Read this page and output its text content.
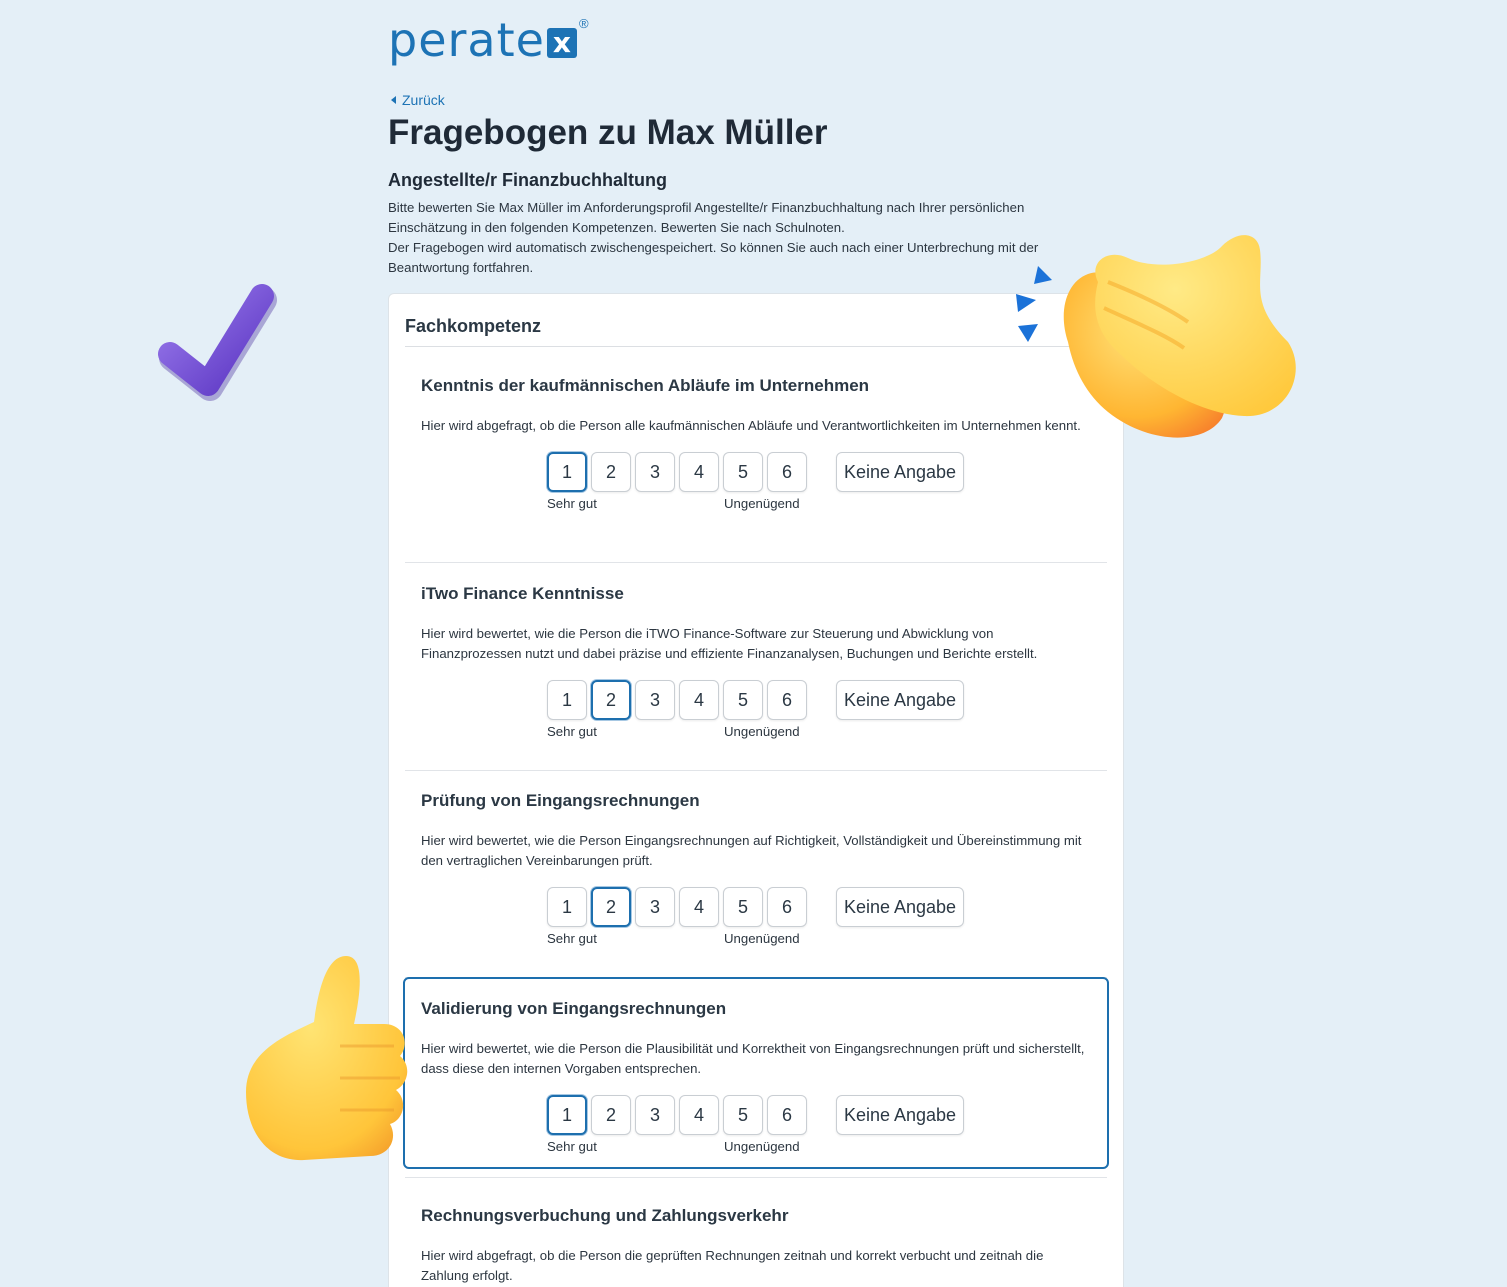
perate x
®
Zurück
Fragebogen zu Max Müller
Angestellte/r Finanzbuchhaltung
Bitte bewerten Sie Max Müller im Anforderungsprofil Angestellte/r Finanzbuchhaltung nach Ihrer persönlichen Einschätzung in den folgenden Kompetenzen. Bewerten Sie nach Schulnoten.
Der Fragebogen wird automatisch zwischengespeichert. So können Sie auch nach einer Unterbrechung mit der Beantwortung fortfahren.
Fachkompetenz
Kenntnis der kaufmännischen Abläufe im Unternehmen
Hier wird abgefragt, ob die Person alle kaufmännischen Abläufe und Verantwortlichkeiten im Unternehmen kennt.
1	2	3	4	5	6	Keine Angabe
Sehr gut	Ungenügend
iTwo Finance Kenntnisse
Hier wird bewertet, wie die Person die iTWO Finance-Software zur Steuerung und Abwicklung von Finanzprozessen nutzt und dabei präzise und effiziente Finanzanalysen, Buchungen und Berichte erstellt.
1	2	3	4	5	6	Keine Angabe
Sehr gut	Ungenügend
Prüfung von Eingangsrechnungen
Hier wird bewertet, wie die Person Eingangsrechnungen auf Richtigkeit, Vollständigkeit und Übereinstimmung mit den vertraglichen Vereinbarungen prüft.
1	2	3	4	5	6	Keine Angabe
Sehr gut	Ungenügend
Validierung von Eingangsrechnungen
Hier wird bewertet, wie die Person die Plausibilität und Korrektheit von Eingangsrechnungen prüft und sicherstellt, dass diese den internen Vorgaben entsprechen.
1	2	3	4	5	6	Keine Angabe
Sehr gut	Ungenügend
Rechnungsverbuchung und Zahlungsverkehr
Hier wird abgefragt, ob die Person die geprüften Rechnungen zeitnah und korrekt verbucht und zeitnah die Zahlung erfolgt.
